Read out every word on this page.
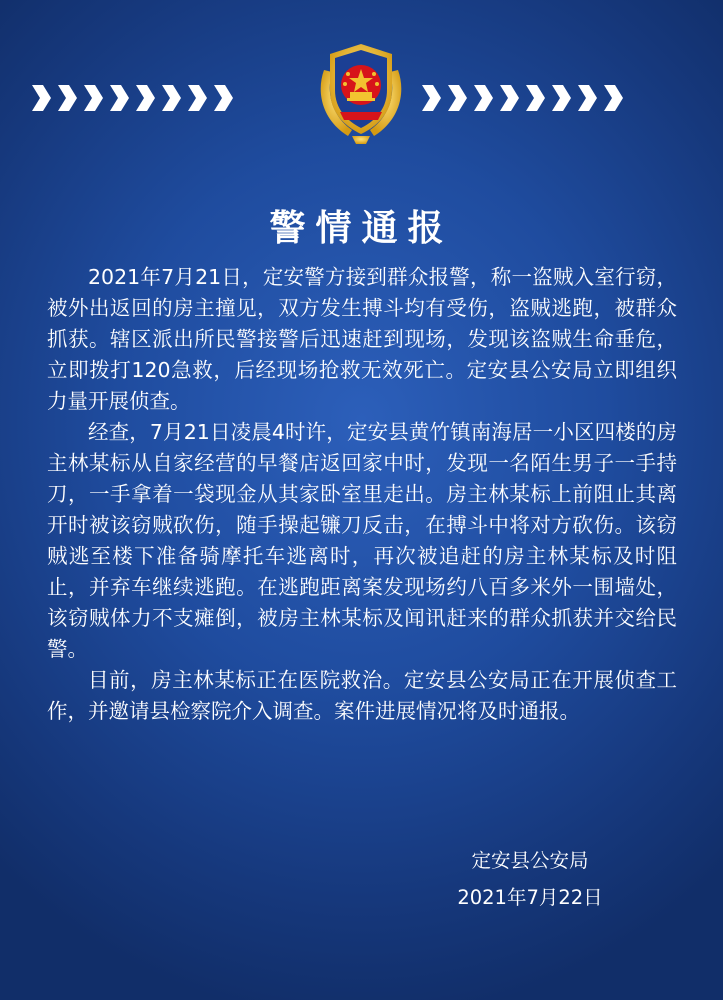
警情通报

2021年7月21日，定安警方接到群众报警，称一盗贼入室行窃，被外出返回的房主撞见，双方发生搏斗均有受伤，盗贼逃跑，被群众抓获。辖区派出所民警接警后迅速赶到现场，发现该盗贼生命垂危，立即拨打120急救，后经现场抢救无效死亡。定安县公安局立即组织力量开展侦查。

经查，7月21日凌晨4时许，定安县黄竹镇南海居一小区四楼的房主林某标从自家经营的早餐店返回家中时，发现一名陌生男子一手持刀，一手拿着一袋现金从其家卧室里走出。房主林某标上前阻止其离开时被该窃贼砍伤，随手操起镰刀反击，在搏斗中将对方砍伤。该窃贼逃至楼下准备骑摩托车逃离时，再次被追赶的房主林某标及时阻止，并弃车继续逃跑。在逃跑距离案发现场约八百多米外一围墙处，该窃贼体力不支瘫倒，被房主林某标及闻讯赶来的群众抓获并交给民警。

目前，房主林某标正在医院救治。定安县公安局正在开展侦查工作，并邀请县检察院介入调查。案件进展情况将及时通报。

定安县公安局
2021年7月22日
